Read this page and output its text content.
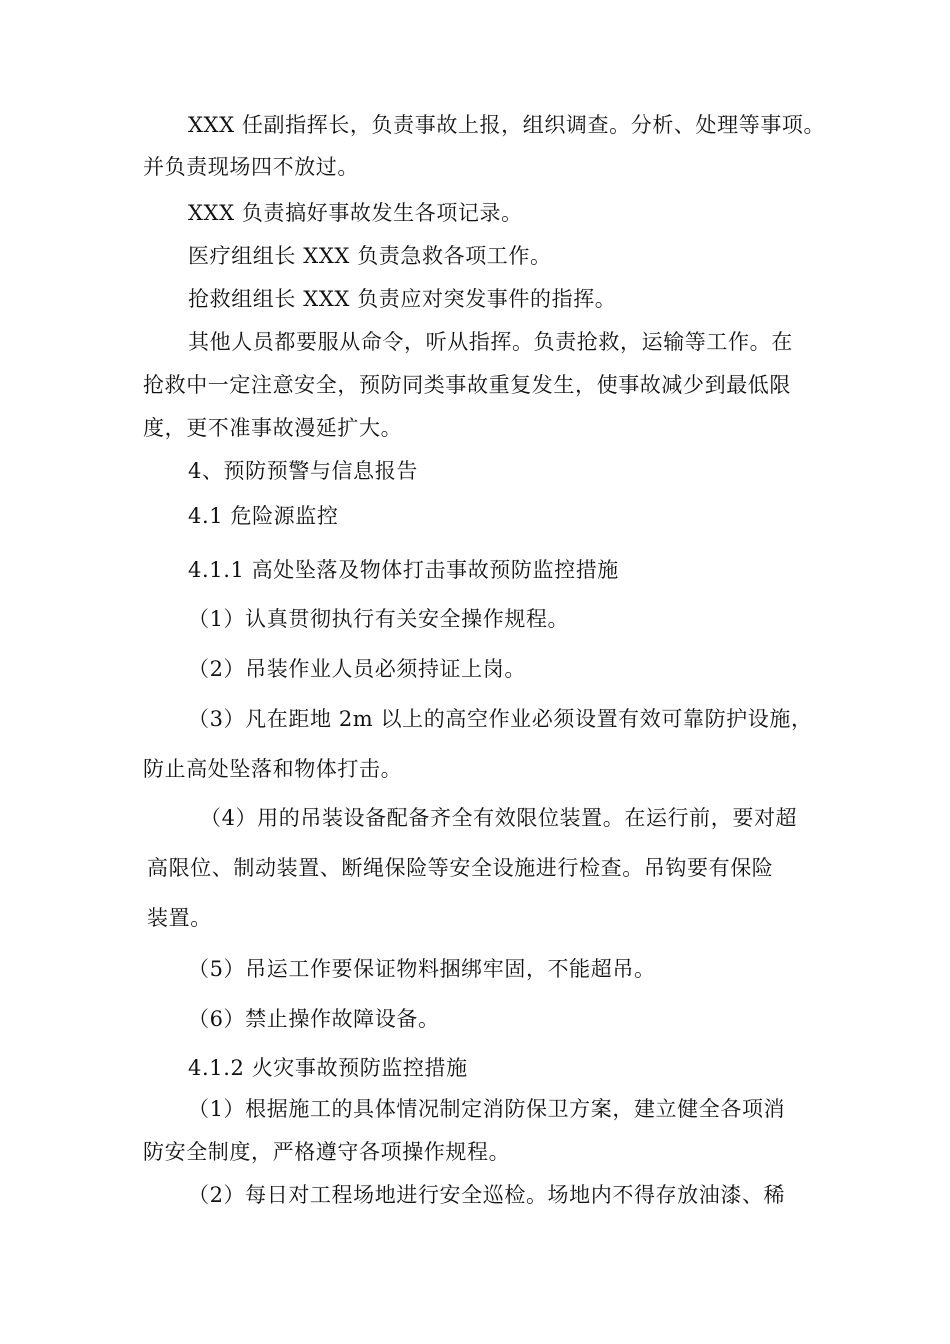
XXX 任副指挥长，负责事故上报，组织调查。分析、处理等事项。
并负责现场四不放过。
XXX 负责搞好事故发生各项记录。
医疗组组长 XXX 负责急救各项工作。
抢救组组长 XXX 负责应对突发事件的指挥。
其他人员都要服从命令，听从指挥。负责抢救，运输等工作。在
抢救中一定注意安全，预防同类事故重复发生，使事故减少到最低限
度，更不准事故漫延扩大。
4、预防预警与信息报告
4.1 危险源监控
4.1.1 高处坠落及物体打击事故预防监控措施
（1）认真贯彻执行有关安全操作规程。
（2）吊装作业人员必须持证上岗。
（3）凡在距地 2m 以上的高空作业必须设置有效可靠防护设施，
防止高处坠落和物体打击。
（4）用的吊装设备配备齐全有效限位装置。在运行前，要对超
高限位、制动装置、断绳保险等安全设施进行检查。吊钩要有保险
装置。
（5）吊运工作要保证物料捆绑牢固，不能超吊。
（6）禁止操作故障设备。
4.1.2 火灾事故预防监控措施
（1）根据施工的具体情况制定消防保卫方案，建立健全各项消
防安全制度，严格遵守各项操作规程。
（2）每日对工程场地进行安全巡检。场地内不得存放油漆、稀
